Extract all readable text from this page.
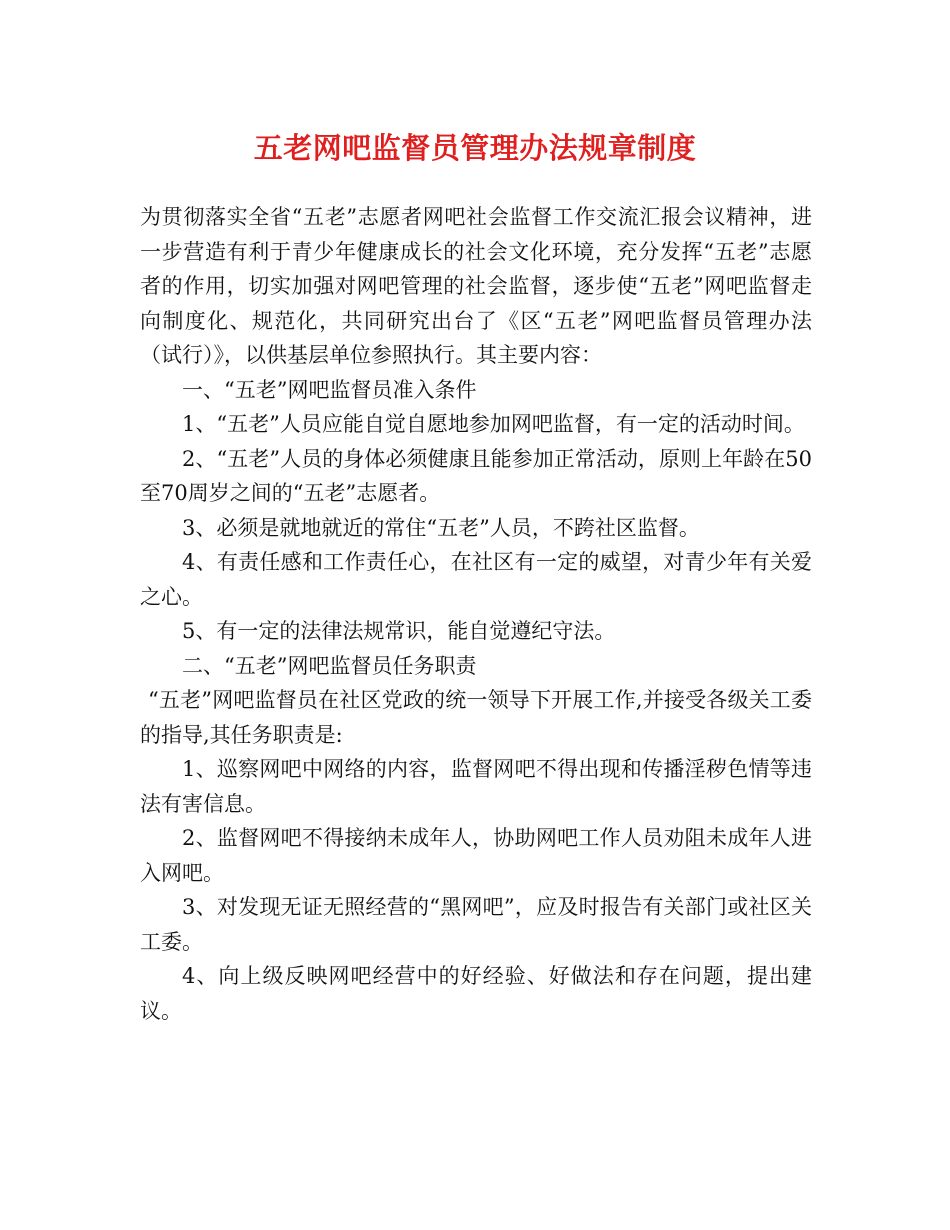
五老网吧监督员管理办法规章制度

为贯彻落实全省“五老”志愿者网吧社会监督工作交流汇报会议精神，进一步营造有利于青少年健康成长的社会文化环境，充分发挥“五老”志愿者的作用，切实加强对网吧管理的社会监督，逐步使“五老”网吧监督走向制度化、规范化，共同研究出台了《区“五老”网吧监督员管理办法（试行）》，以供基层单位参照执行。其主要内容：

一、“五老”网吧监督员准入条件

1、“五老”人员应能自觉自愿地参加网吧监督，有一定的活动时间。

2、“五老”人员的身体必须健康且能参加正常活动，原则上年龄在50至70周岁之间的“五老”志愿者。

3、必须是就地就近的常住“五老”人员，不跨社区监督。

4、有责任感和工作责任心，在社区有一定的威望，对青少年有关爱之心。

5、有一定的法律法规常识，能自觉遵纪守法。

二、“五老”网吧监督员任务职责

“五老”网吧监督员在社区党政的统一领导下开展工作,并接受各级关工委的指导,其任务职责是:

1、巡察网吧中网络的内容，监督网吧不得出现和传播淫秽色情等违法有害信息。

2、监督网吧不得接纳未成年人，协助网吧工作人员劝阻未成年人进入网吧。

3、对发现无证无照经营的“黑网吧”，应及时报告有关部门或社区关工委。

4、向上级反映网吧经营中的好经验、好做法和存在问题，提出建议。
